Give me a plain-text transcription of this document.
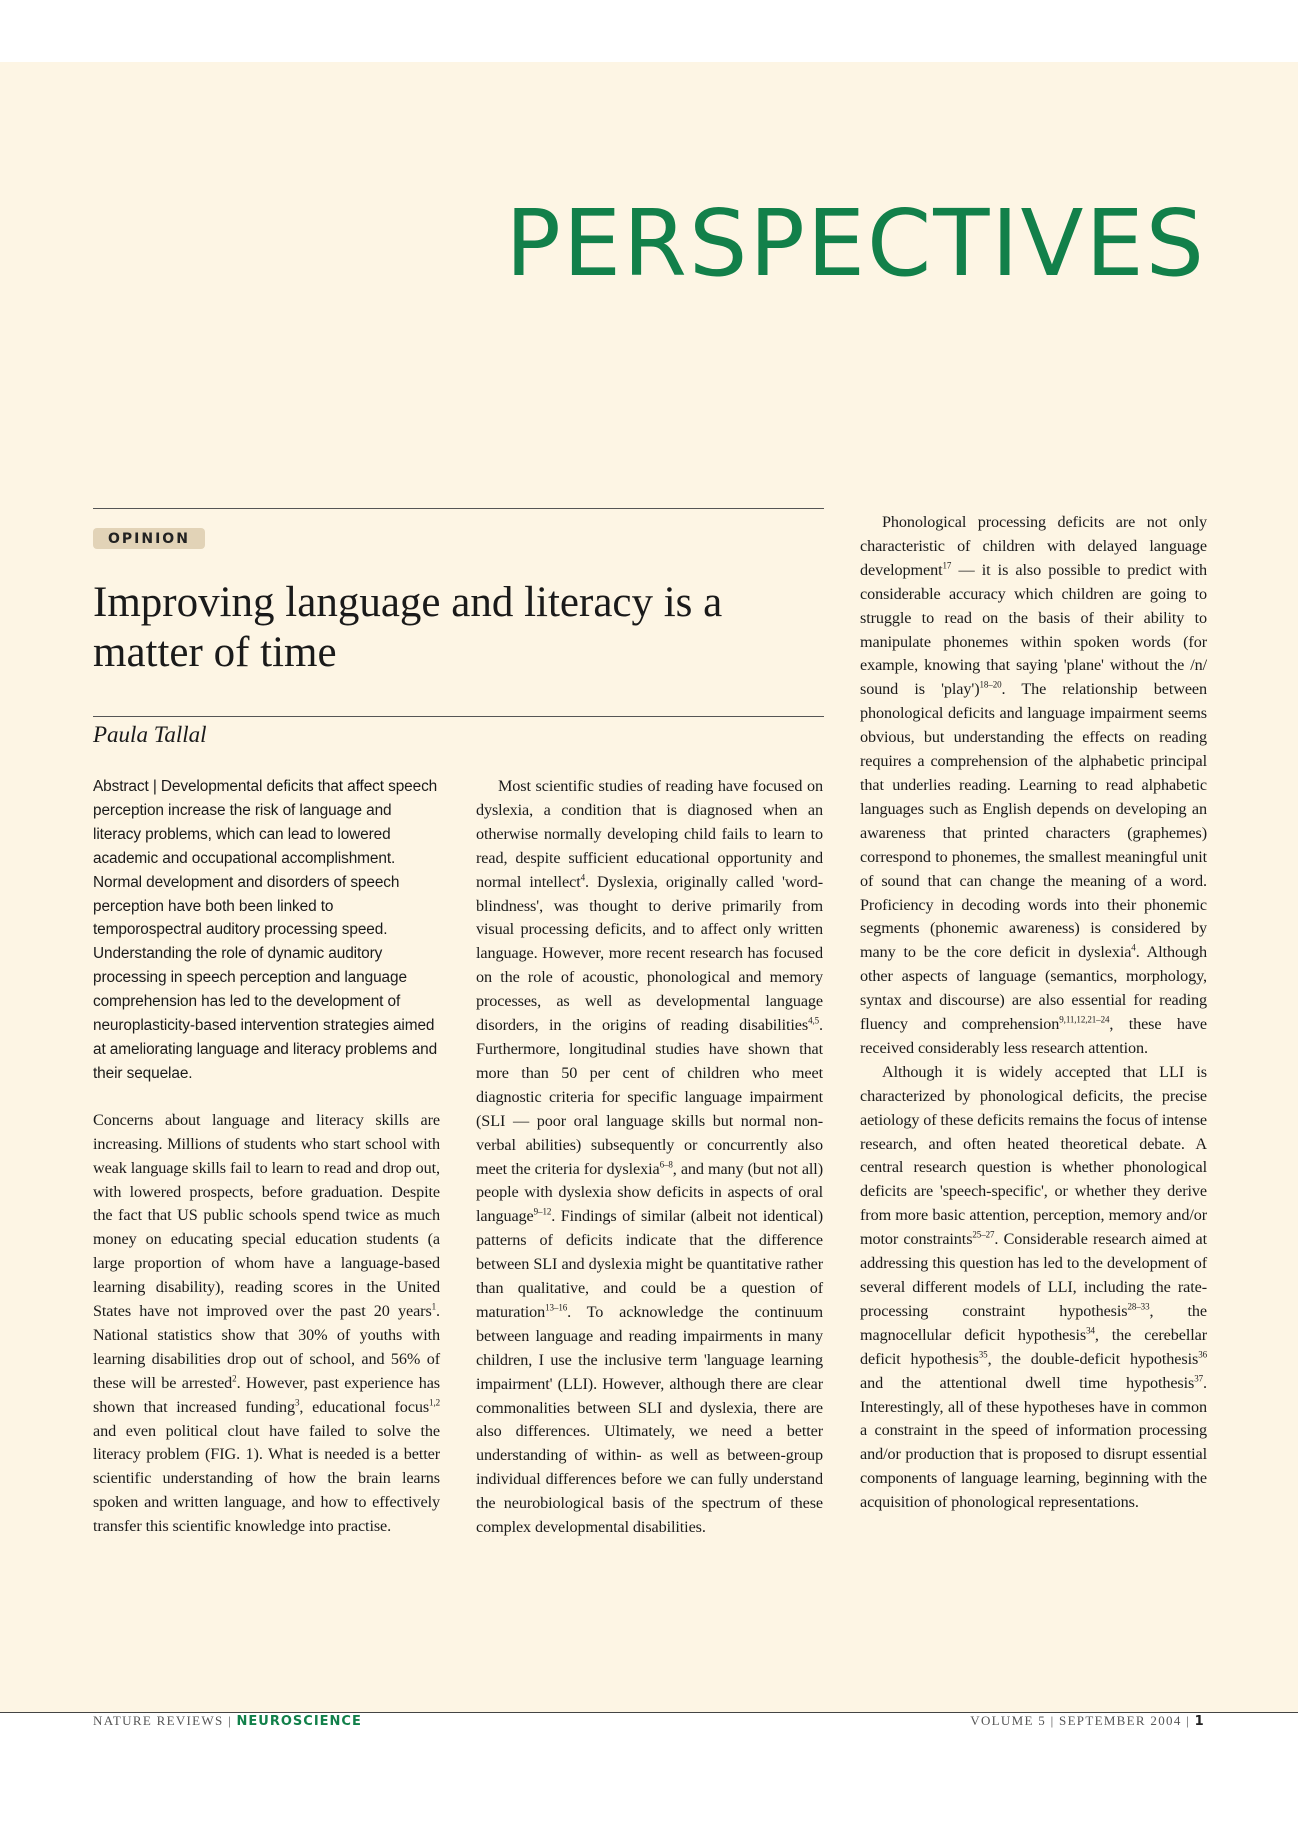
PERSPECTIVES
OPINION
Improving language and literacy is a matter of time
Paula Tallal

Abstract | Developmental deficits that affect speech perception increase the risk of language and literacy problems, which can lead to lowered academic and occupational accomplishment. Normal development and disorders of speech perception have both been linked to temporospectral auditory processing speed. Understanding the role of dynamic auditory processing in speech perception and language comprehension has led to the development of neuroplasticity-based intervention strategies aimed at ameliorating language and literacy problems and their sequelae.

Concerns about language and literacy skills are increasing. Millions of students who start school with weak language skills fail to learn to read and drop out, with lowered prospects, before graduation. Despite the fact that US public schools spend twice as much money on educating special education students (a large proportion of whom have a language-based learning disability), reading scores in the United States have not improved over the past 20 years$^1$. National statistics show that 30% of youths with learning disabilities drop out of school, and 56% of these will be arrested$^2$. However, past experience has shown that increased funding$^3$, educational focus$^{1,2}$ and even political clout have failed to solve the literacy problem (FIG. 1). What is needed is a better scientific understanding of how the brain learns spoken and written language, and how to effectively transfer this scientific knowledge into practise.

Most scientific studies of reading have focused on dyslexia, a condition that is diagnosed when an otherwise normally developing child fails to learn to read, despite sufficient educational opportunity and normal intellect$^4$. Dyslexia, originally called 'word-blindness', was thought to derive primarily from visual processing deficits, and to affect only written language. However, more recent research has focused on the role of acoustic, phonological and memory processes, as well as developmental language disorders, in the origins of reading disabilities$^{4,5}$. Furthermore, longitudinal studies have shown that more than 50 per cent of children who meet diagnostic criteria for specific language impairment (SLI — poor oral language skills but normal non-verbal abilities) subsequently or concurrently also meet the criteria for dyslexia$^{6-8}$, and many (but not all) people with dyslexia show deficits in aspects of oral language$^{9-12}$. Findings of similar (albeit not identical) patterns of deficits indicate that the difference between SLI and dyslexia might be quantitative rather than qualitative, and could be a question of maturation$^{13-16}$. To acknowledge the continuum between language and reading impairments in many children, I use the inclusive term 'language learning impairment' (LLI). However, although there are clear commonalities between SLI and dyslexia, there are also differences. Ultimately, we need a better understanding of within- as well as between-group individual differences before we can fully understand the neurobiological basis of the spectrum of these complex developmental disabilities.

Phonological processing deficits are not only characteristic of children with delayed language development$^{17}$ — it is also possible to predict with considerable accuracy which children are going to struggle to read on the basis of their ability to manipulate phonemes within spoken words (for example, knowing that saying 'plane' without the /n/ sound is 'play')$^{18-20}$. The relationship between phonological deficits and language impairment seems obvious, but understanding the effects on reading requires a comprehension of the alphabetic principal that underlies reading. Learning to read alphabetic languages such as English depends on developing an awareness that printed characters (graphemes) correspond to phonemes, the smallest meaningful unit of sound that can change the meaning of a word. Proficiency in decoding words into their phonemic segments (phonemic awareness) is considered by many to be the core deficit in dyslexia$^4$. Although other aspects of language (semantics, morphology, syntax and discourse) are also essential for reading fluency and comprehension$^{9,11,12,21-24}$, these have received considerably less research attention.

Although it is widely accepted that LLI is characterized by phonological deficits, the precise aetiology of these deficits remains the focus of intense research, and often heated theoretical debate. A central research question is whether phonological deficits are 'speech-specific', or whether they derive from more basic attention, perception, memory and/or motor constraints$^{25-27}$. Considerable research aimed at addressing this question has led to the development of several different models of LLI, including the rate-processing constraint hypothesis$^{28-33}$, the magnocellular deficit hypothesis$^{34}$, the cerebellar deficit hypothesis$^{35}$, the double-deficit hypothesis$^{36}$ and the attentional dwell time hypothesis$^{37}$. Interestingly, all of these hypotheses have in common a constraint in the speed of information processing and/or production that is proposed to disrupt essential components of language learning, beginning with the acquisition of phonological representations.

NATURE REVIEWS | NEUROSCIENCE	VOLUME 5 | SEPTEMBER 2004 | 1
